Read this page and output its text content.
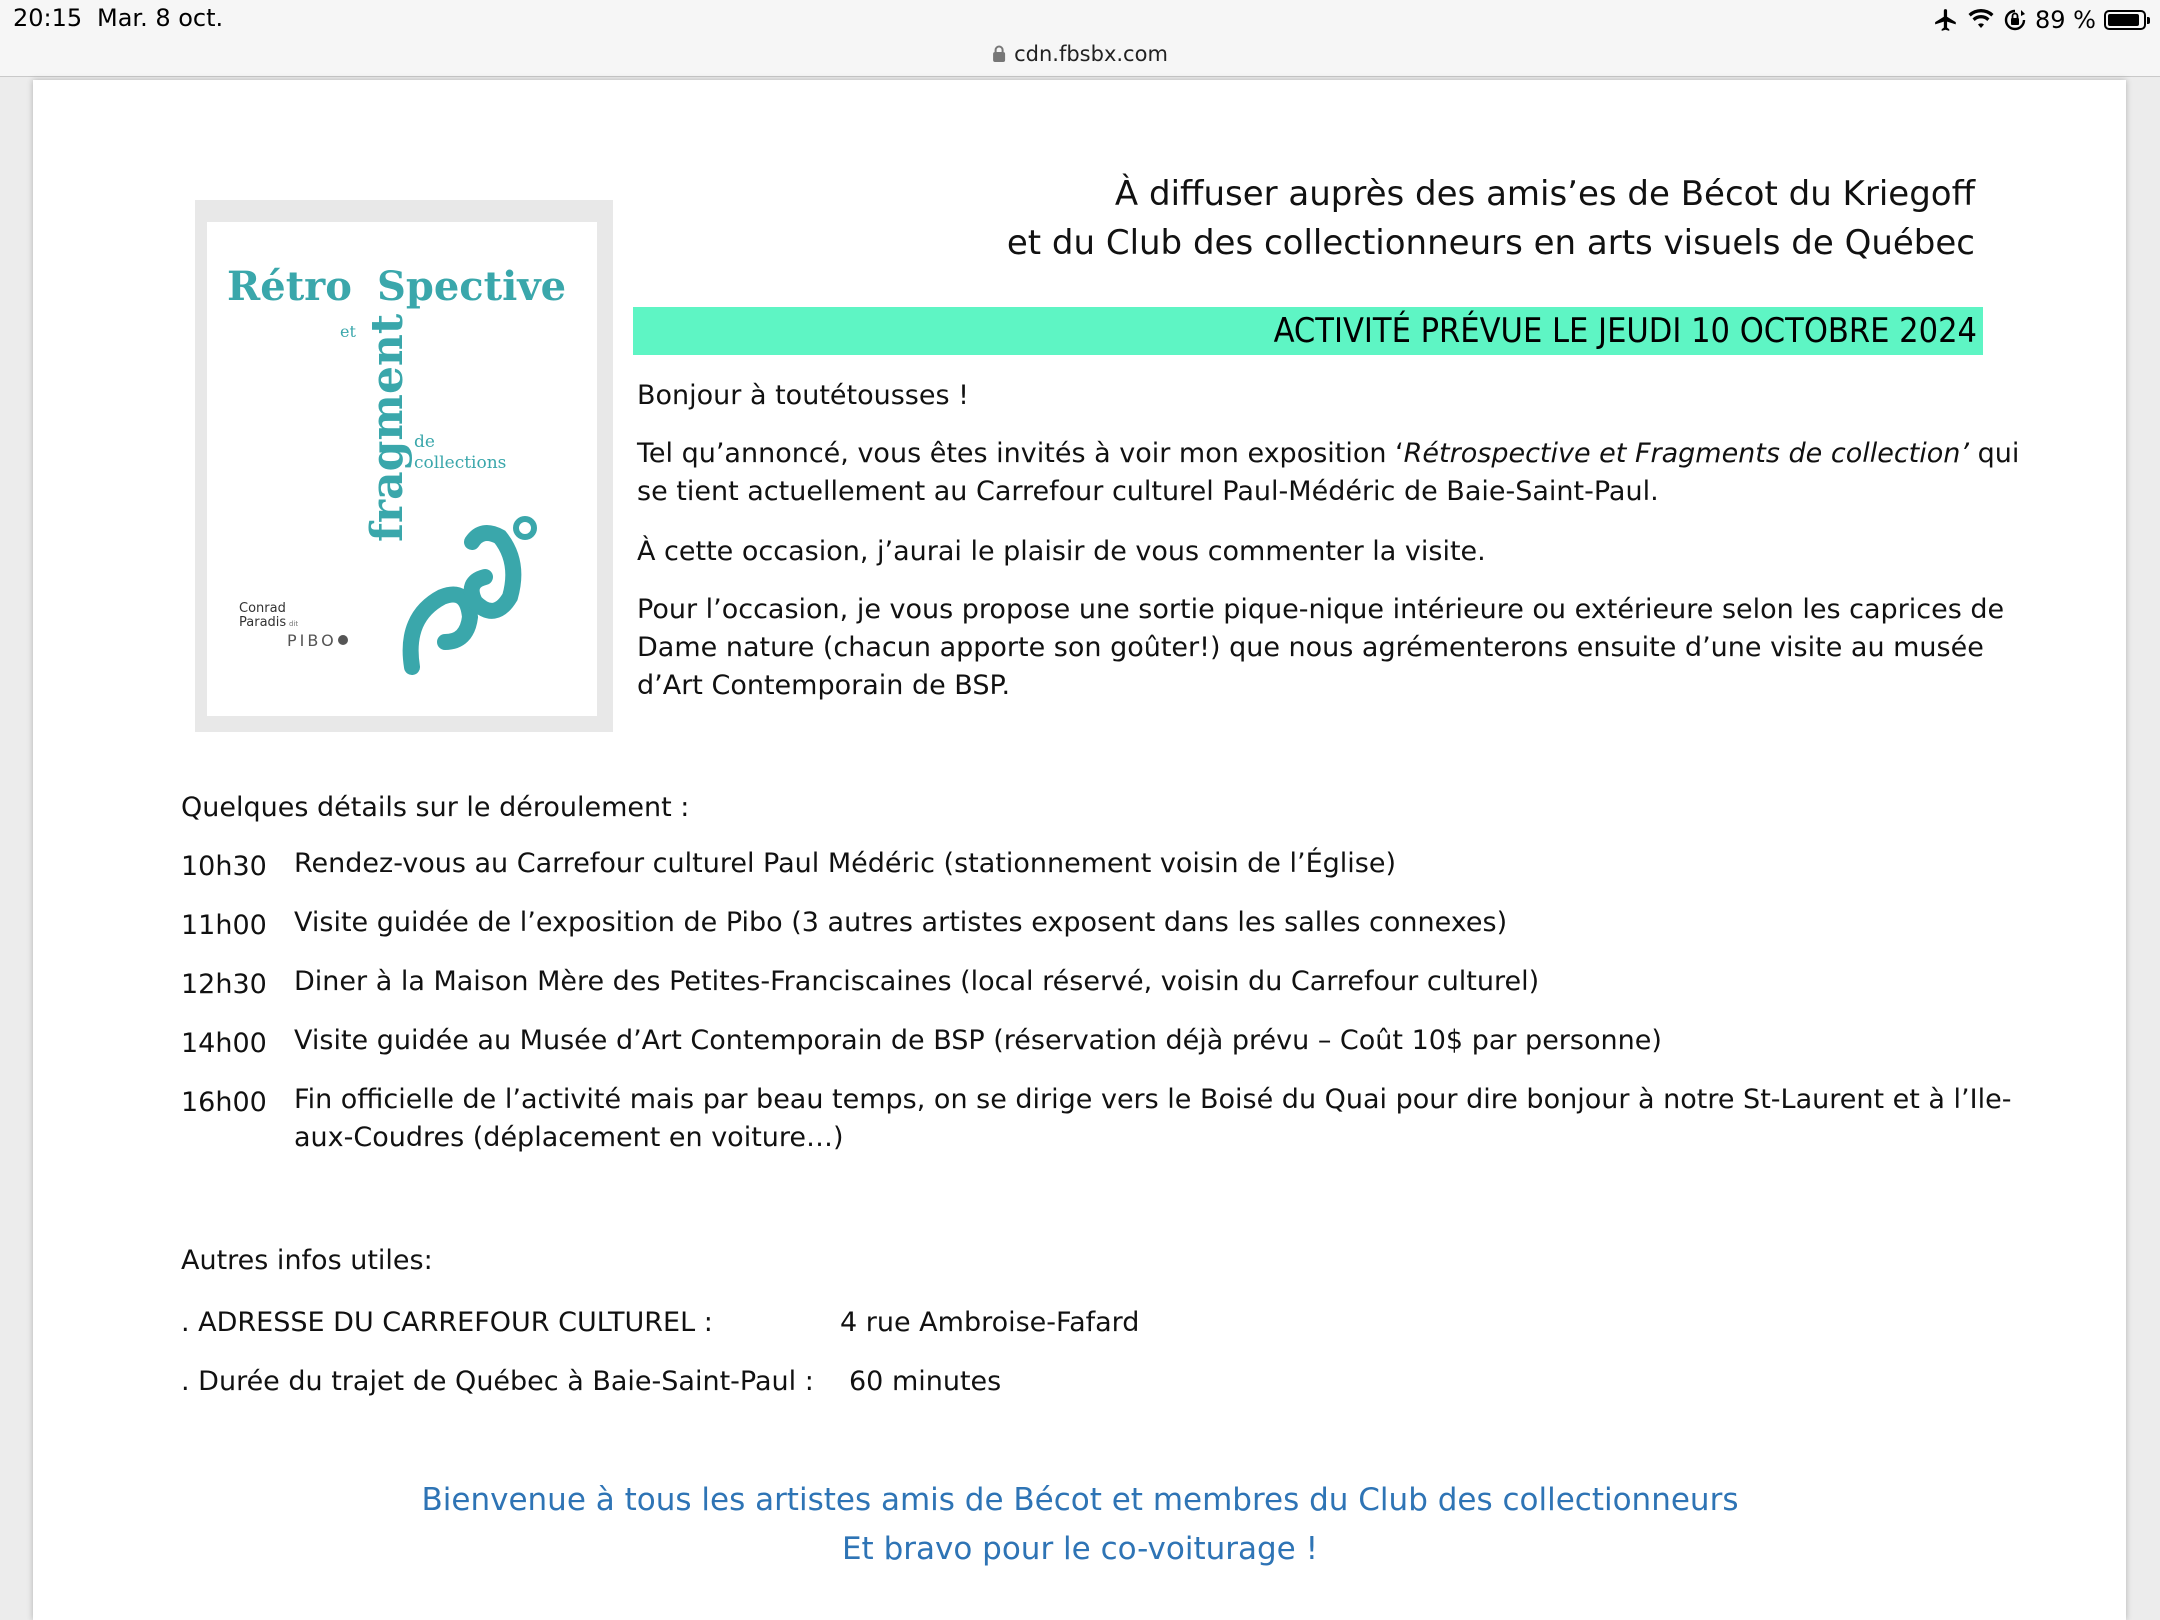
20:15 Mar. 8 oct.	89 %
cdn.fbsbx.com
Rétro Spective
et fragment de
collections
Conrad
Paradis dit
PIBO
À diffuser auprès des amis’es de Bécot du Kriegoff
et du Club des collectionneurs en arts visuels de Québec
ACTIVITÉ PRÉVUE LE JEUDI 10 OCTOBRE 2024
Bonjour à toutétousses !
Tel qu’annoncé, vous êtes invités à voir mon exposition ‘Rétrospective et Fragments de collection’ qui
se tient actuellement au Carrefour culturel Paul-Médéric de Baie-Saint-Paul.
À cette occasion, j’aurai le plaisir de vous commenter la visite.
Pour l’occasion, je vous propose une sortie pique-nique intérieure ou extérieure selon les caprices de
Dame nature (chacun apporte son goûter!) que nous agrémenterons ensuite d’une visite au musée
d’Art Contemporain de BSP.
Quelques détails sur le déroulement :
10h30 Rendez-vous au Carrefour culturel Paul Médéric (stationnement voisin de l’Église)
11h00 Visite guidée de l’exposition de Pibo (3 autres artistes exposent dans les salles connexes)
12h30 Diner à la Maison Mère des Petites-Franciscaines (local réservé, voisin du Carrefour culturel)
14h00 Visite guidée au Musée d’Art Contemporain de BSP (réservation déjà prévu – Coût 10$ par personne)
16h00 Fin officielle de l’activité mais par beau temps, on se dirige vers le Boisé du Quai pour dire bonjour à notre St-Laurent et à l’Ile-
aux-Coudres (déplacement en voiture…)
Autres infos utiles:
. ADRESSE DU CARREFOUR CULTUREL :	4 rue Ambroise-Fafard
. Durée du trajet de Québec à Baie-Saint-Paul : 60 minutes
Bienvenue à tous les artistes amis de Bécot et membres du Club des collectionneurs
Et bravo pour le co-voiturage !
